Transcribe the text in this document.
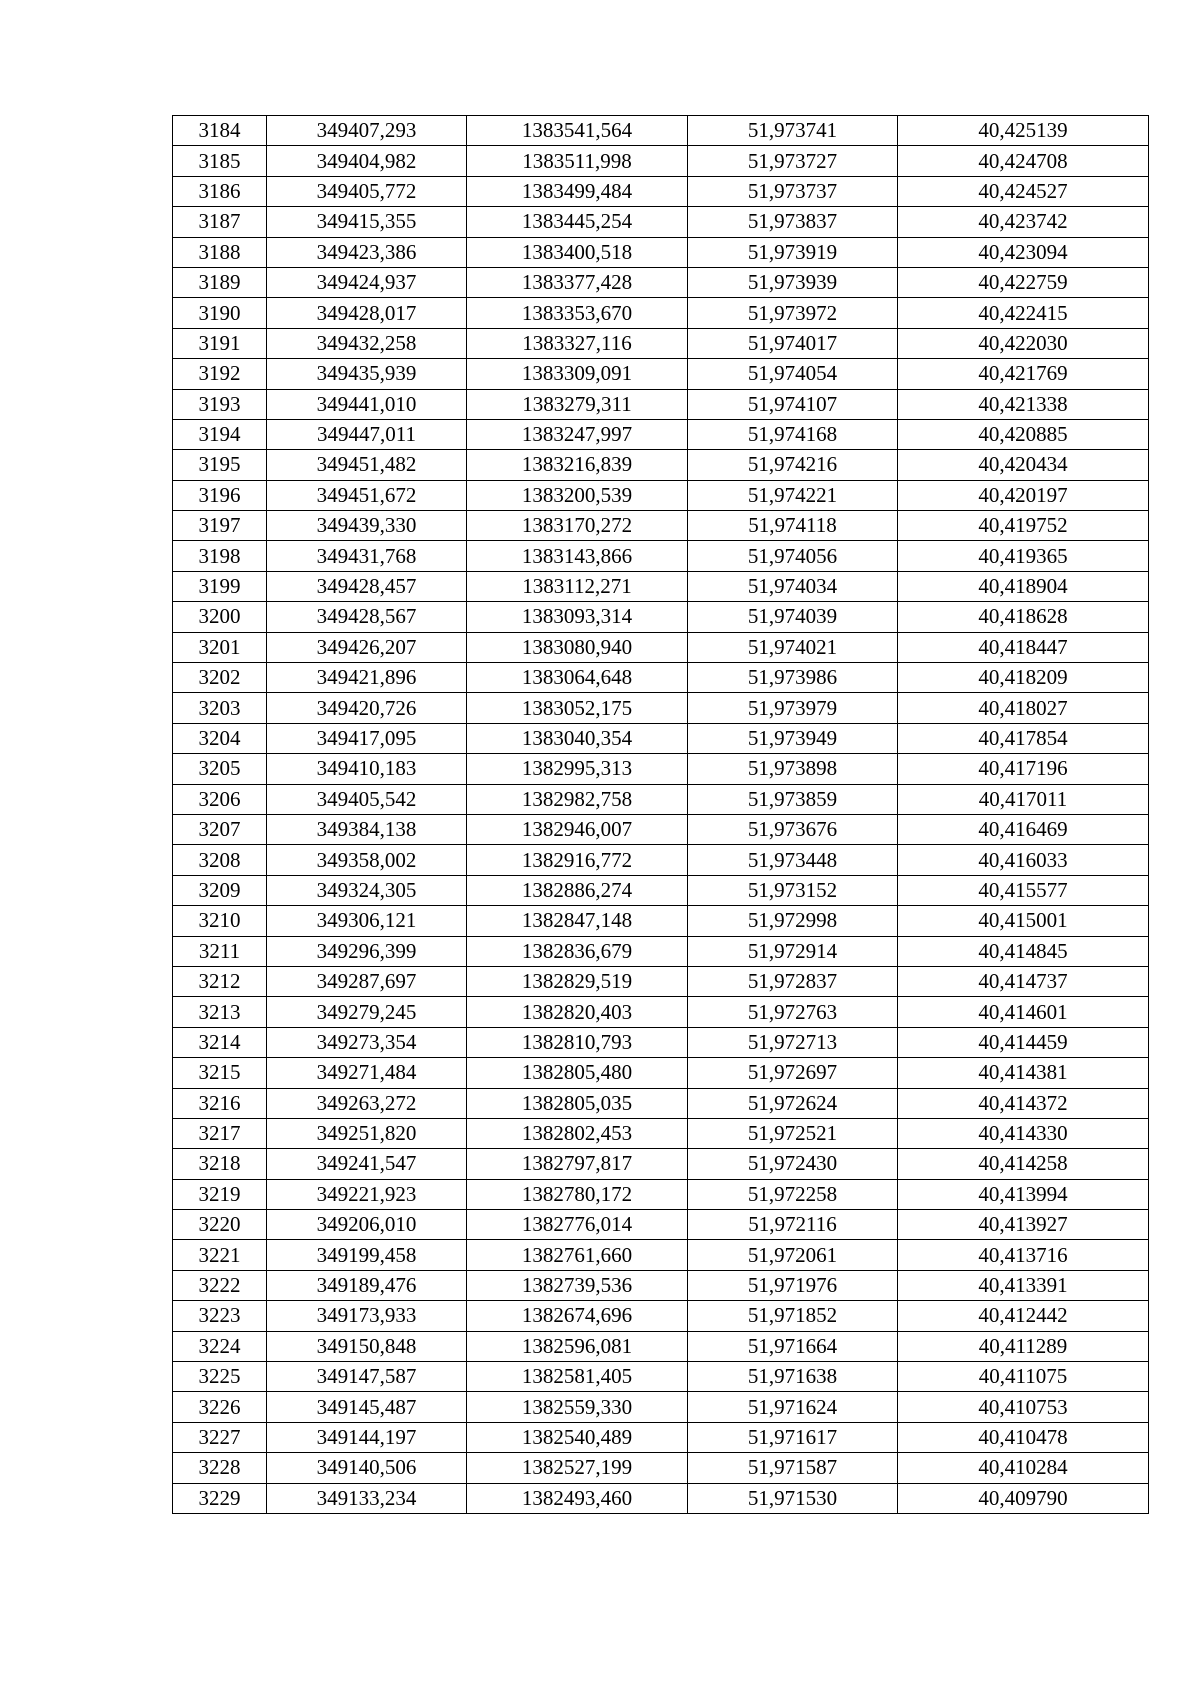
3184	349407,293	1383541,564	51,973741	40,425139
3185	349404,982	1383511,998	51,973727	40,424708
3186	349405,772	1383499,484	51,973737	40,424527
3187	349415,355	1383445,254	51,973837	40,423742
3188	349423,386	1383400,518	51,973919	40,423094
3189	349424,937	1383377,428	51,973939	40,422759
3190	349428,017	1383353,670	51,973972	40,422415
3191	349432,258	1383327,116	51,974017	40,422030
3192	349435,939	1383309,091	51,974054	40,421769
3193	349441,010	1383279,311	51,974107	40,421338
3194	349447,011	1383247,997	51,974168	40,420885
3195	349451,482	1383216,839	51,974216	40,420434
3196	349451,672	1383200,539	51,974221	40,420197
3197	349439,330	1383170,272	51,974118	40,419752
3198	349431,768	1383143,866	51,974056	40,419365
3199	349428,457	1383112,271	51,974034	40,418904
3200	349428,567	1383093,314	51,974039	40,418628
3201	349426,207	1383080,940	51,974021	40,418447
3202	349421,896	1383064,648	51,973986	40,418209
3203	349420,726	1383052,175	51,973979	40,418027
3204	349417,095	1383040,354	51,973949	40,417854
3205	349410,183	1382995,313	51,973898	40,417196
3206	349405,542	1382982,758	51,973859	40,417011
3207	349384,138	1382946,007	51,973676	40,416469
3208	349358,002	1382916,772	51,973448	40,416033
3209	349324,305	1382886,274	51,973152	40,415577
3210	349306,121	1382847,148	51,972998	40,415001
3211	349296,399	1382836,679	51,972914	40,414845
3212	349287,697	1382829,519	51,972837	40,414737
3213	349279,245	1382820,403	51,972763	40,414601
3214	349273,354	1382810,793	51,972713	40,414459
3215	349271,484	1382805,480	51,972697	40,414381
3216	349263,272	1382805,035	51,972624	40,414372
3217	349251,820	1382802,453	51,972521	40,414330
3218	349241,547	1382797,817	51,972430	40,414258
3219	349221,923	1382780,172	51,972258	40,413994
3220	349206,010	1382776,014	51,972116	40,413927
3221	349199,458	1382761,660	51,972061	40,413716
3222	349189,476	1382739,536	51,971976	40,413391
3223	349173,933	1382674,696	51,971852	40,412442
3224	349150,848	1382596,081	51,971664	40,411289
3225	349147,587	1382581,405	51,971638	40,411075
3226	349145,487	1382559,330	51,971624	40,410753
3227	349144,197	1382540,489	51,971617	40,410478
3228	349140,506	1382527,199	51,971587	40,410284
3229	349133,234	1382493,460	51,971530	40,409790
